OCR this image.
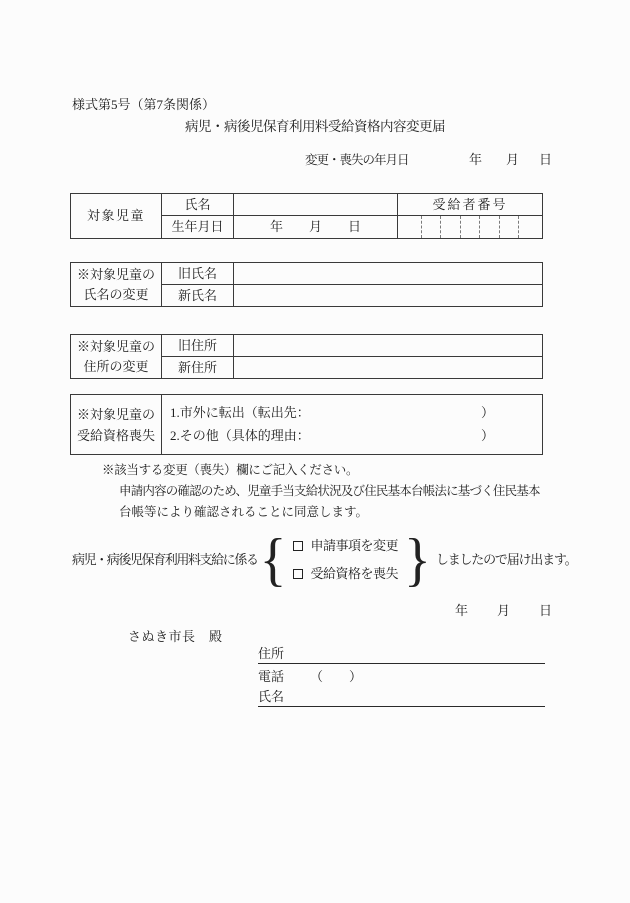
様式第5号（第7条関係）
病児・病後児保育利用料受給資格内容変更届
変更・喪失の年月日	年 月 日
対象児童	氏名		受給者番号
	生年月日	年　　月　　日	
※対象児童の
氏名の変更	旧氏名	
	新氏名	
※対象児童の
住所の変更	旧住所	
	新住所	
※対象児童の
受給資格喪失
1.市外に転出（転出先：	）
2.その他（具体的理由：	）
※該当する変更（喪失）欄にご記入ください。
申請内容の確認のため、児童手当支給状況及び住民基本台帳法に基づく住民基本
台帳等により確認されることに同意します。
病児・病後児保育利用料支給に係る { 申請事項を変更
受給資格を喪失 } しましたので届け出ます。
年 月 日
さぬき市長　殿
住所
電話 （　　）
氏名
